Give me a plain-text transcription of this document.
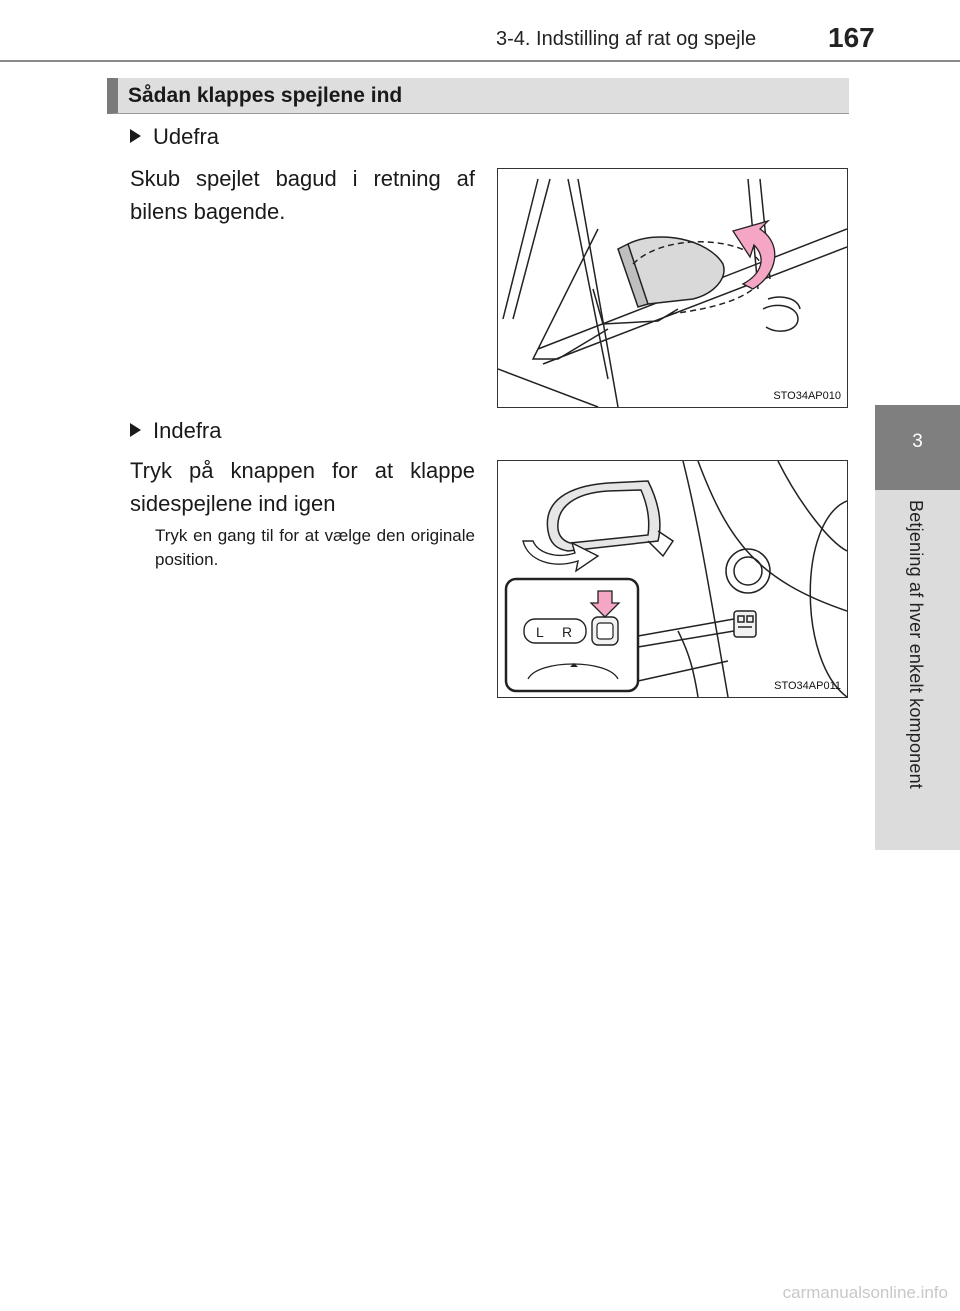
3-4. Indstilling af rat og spejle	167
3
Betjening af hver enkelt komponent
Sådan klappes spejlene ind
Udefra
Skub spejlet bagud i retning af bilens bagende.
STO34AP010
Indefra
Tryk på knappen for at klappe sidespejlene ind igen
Tryk en gang til for at vælge den originale position.
L R
STO34AP011
carmanualsonline.info
